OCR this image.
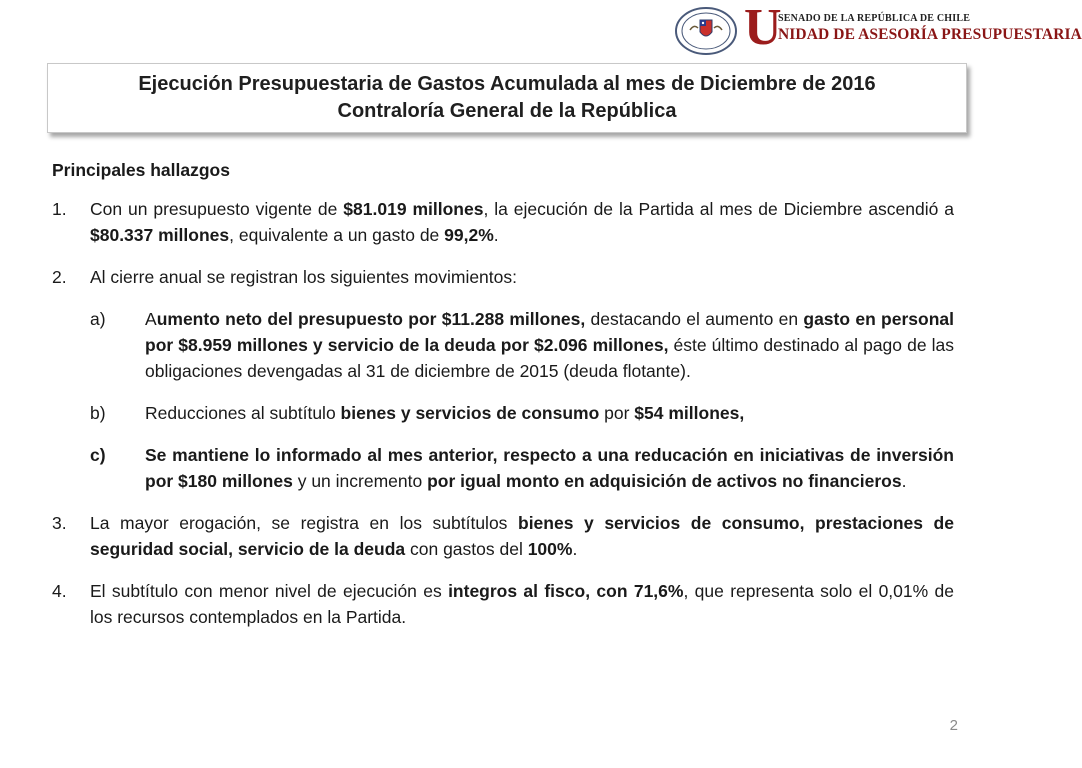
U
SENADO DE LA REPÚBLICA DE CHILE
NIDAD DE ASESORÍA PRESUPUESTARIA
Ejecución Presupuestaria de Gastos Acumulada al mes de Diciembre de 2016
Contraloría General de la República
Principales hallazgos
1.	Con un presupuesto vigente de $81.019 millones, la ejecución de la Partida al mes de Diciembre ascendió a $80.337 millones, equivalente a un gasto de 99,2%.
2.	Al cierre anual se registran los siguientes movimientos:
a)	Aumento neto del presupuesto por $11.288 millones, destacando el aumento en gasto en personal por $8.959 millones y servicio de la deuda por $2.096 millones, éste último destinado al pago de las obligaciones devengadas al 31 de diciembre de 2015 (deuda flotante).
b)	Reducciones al subtítulo bienes y servicios de consumo por $54 millones,
c)	Se mantiene lo informado al mes anterior, respecto a una reducación en iniciativas de inversión por $180 millones y un incremento por igual monto en adquisición de activos no financieros.
3.	La mayor erogación, se registra en los subtítulos bienes y servicios de consumo, prestaciones de seguridad social, servicio de la deuda con gastos del 100%.
4.	El subtítulo con menor nivel de ejecución es integros al fisco, con 71,6%, que representa solo el 0,01% de los recursos contemplados en la Partida.
2
